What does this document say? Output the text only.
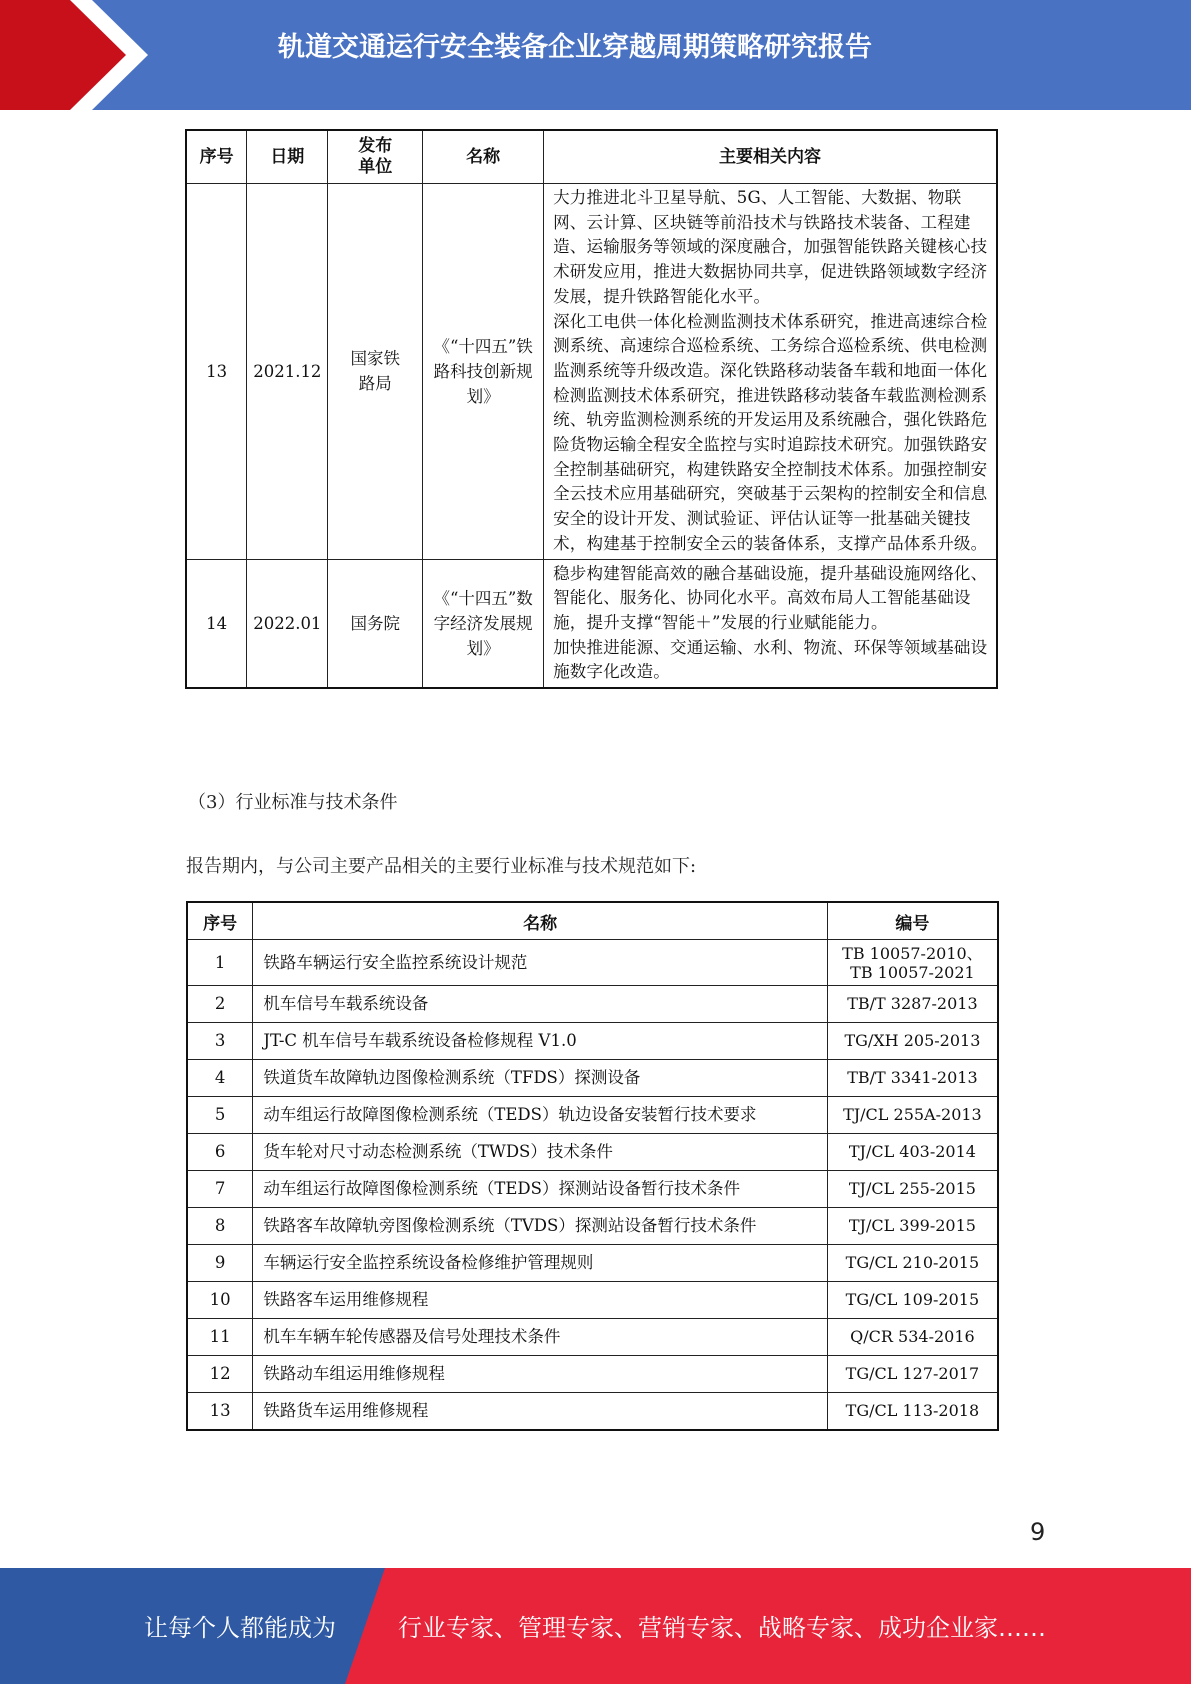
轨道交通运行安全装备企业穿越周期策略研究报告
序号	日期	发布单位	名称	主要相关内容
13	2021.12	国家铁路局	《“十四五”铁路科技创新规划》	大力推进北斗卫星导航、5G、人工智能、大数据、物联网、云计算、区块链等前沿技术与铁路技术装备、工程建造、运输服务等领域的深度融合，加强智能铁路关键核心技术研发应用，推进大数据协同共享，促进铁路领域数字经济发展，提升铁路智能化水平。
深化工电供一体化检测监测技术体系研究，推进高速综合检测系统、高速综合巡检系统、工务综合巡检系统、供电检测监测系统等升级改造。深化铁路移动装备车载和地面一体化检测监测技术体系研究，推进铁路移动装备车载监测检测系统、轨旁监测检测系统的开发运用及系统融合，强化铁路危险货物运输全程安全监控与实时追踪技术研究。加强铁路安全控制基础研究，构建铁路安全控制技术体系。加强控制安全云技术应用基础研究，突破基于云架构的控制安全和信息安全的设计开发、测试验证、评估认证等一批基础关键技术，构建基于控制安全云的装备体系，支撑产品体系升级。
14	2022.01	国务院	《“十四五”数字经济发展规划》	稳步构建智能高效的融合基础设施，提升基础设施网络化、智能化、服务化、协同化水平。高效布局人工智能基础设施，提升支撑“智能＋”发展的行业赋能能力。
加快推进能源、交通运输、水利、物流、环保等领域基础设施数字化改造。
（3）行业标准与技术条件
报告期内，与公司主要产品相关的主要行业标准与技术规范如下:
序号	名称	编号
1	铁路车辆运行安全监控系统设计规范	TB 10057-2010、
TB 10057-2021
2	机车信号车载系统设备	TB/T 3287-2013
3	JT-C 机车信号车载系统设备检修规程 V1.0	TG/XH 205-2013
4	铁道货车故障轨边图像检测系统（TFDS）探测设备	TB/T 3341-2013
5	动车组运行故障图像检测系统（TEDS）轨边设备安装暂行技术要求	TJ/CL 255A-2013
6	货车轮对尺寸动态检测系统（TWDS）技术条件	TJ/CL 403-2014
7	动车组运行故障图像检测系统（TEDS）探测站设备暂行技术条件	TJ/CL 255-2015
8	铁路客车故障轨旁图像检测系统（TVDS）探测站设备暂行技术条件	TJ/CL 399-2015
9	车辆运行安全监控系统设备检修维护管理规则	TG/CL 210-2015
10	铁路客车运用维修规程	TG/CL 109-2015
11	机车车辆车轮传感器及信号处理技术条件	Q/CR 534-2016
12	铁路动车组运用维修规程	TG/CL 127-2017
13	铁路货车运用维修规程	TG/CL 113-2018
9
让每个人都能成为	行业专家、管理专家、营销专家、战略专家、成功企业家……
